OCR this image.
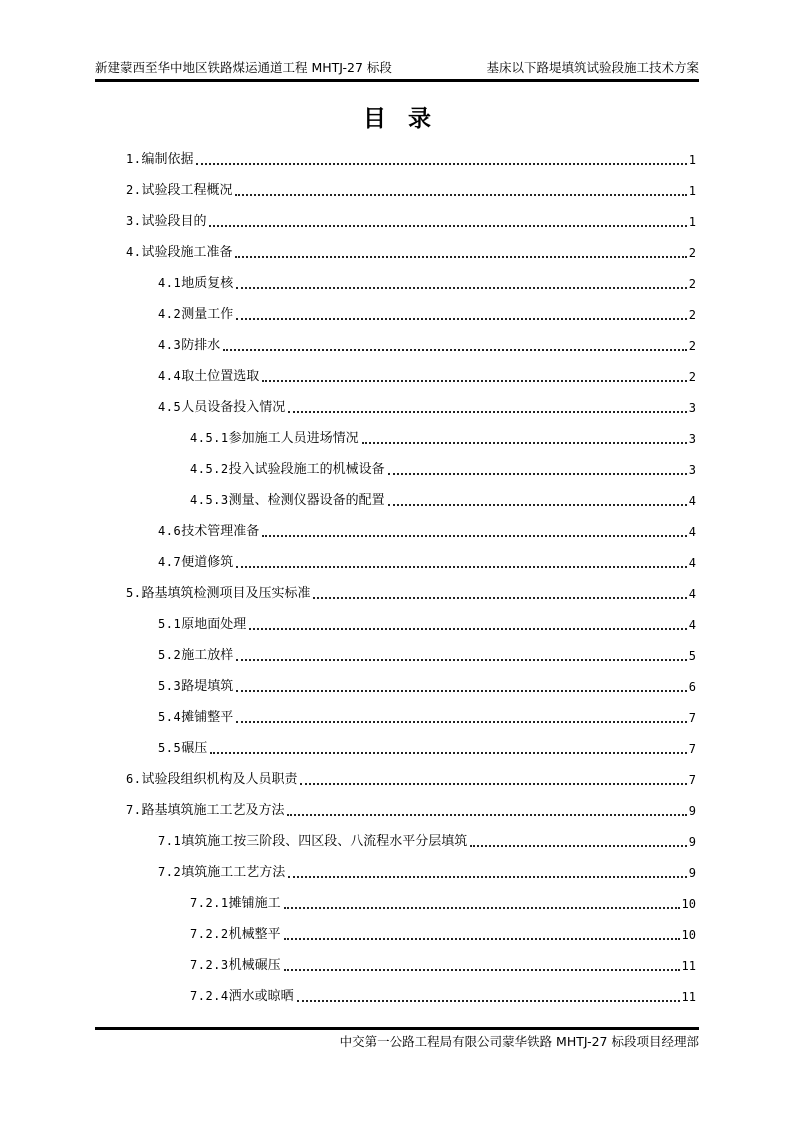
新建蒙西至华中地区铁路煤运通道工程 MHTJ-27 标段	基床以下路堤填筑试验段施工技术方案
目录
1.编制依据	1
2.试验段工程概况	1
3.试验段目的	1
4.试验段施工准备	2
4.1地质复核	2
4.2测量工作	2
4.3防排水	2
4.4取土位置选取	2
4.5人员设备投入情况	3
4.5.1参加施工人员进场情况	3
4.5.2投入试验段施工的机械设备	3
4.5.3测量、检测仪器设备的配置	4
4.6技术管理准备	4
4.7便道修筑	4
5.路基填筑检测项目及压实标准	4
5.1原地面处理	4
5.2施工放样	5
5.3路堤填筑	6
5.4摊铺整平	7
5.5碾压	7
6.试验段组织机构及人员职责	7
7.路基填筑施工工艺及方法	9
7.1填筑施工按三阶段、四区段、八流程水平分层填筑	9
7.2填筑施工工艺方法	9
7.2.1摊铺施工	10
7.2.2机械整平	10
7.2.3机械碾压	11
7.2.4洒水或晾晒	11
中交第一公路工程局有限公司蒙华铁路 MHTJ-27 标段项目经理部
